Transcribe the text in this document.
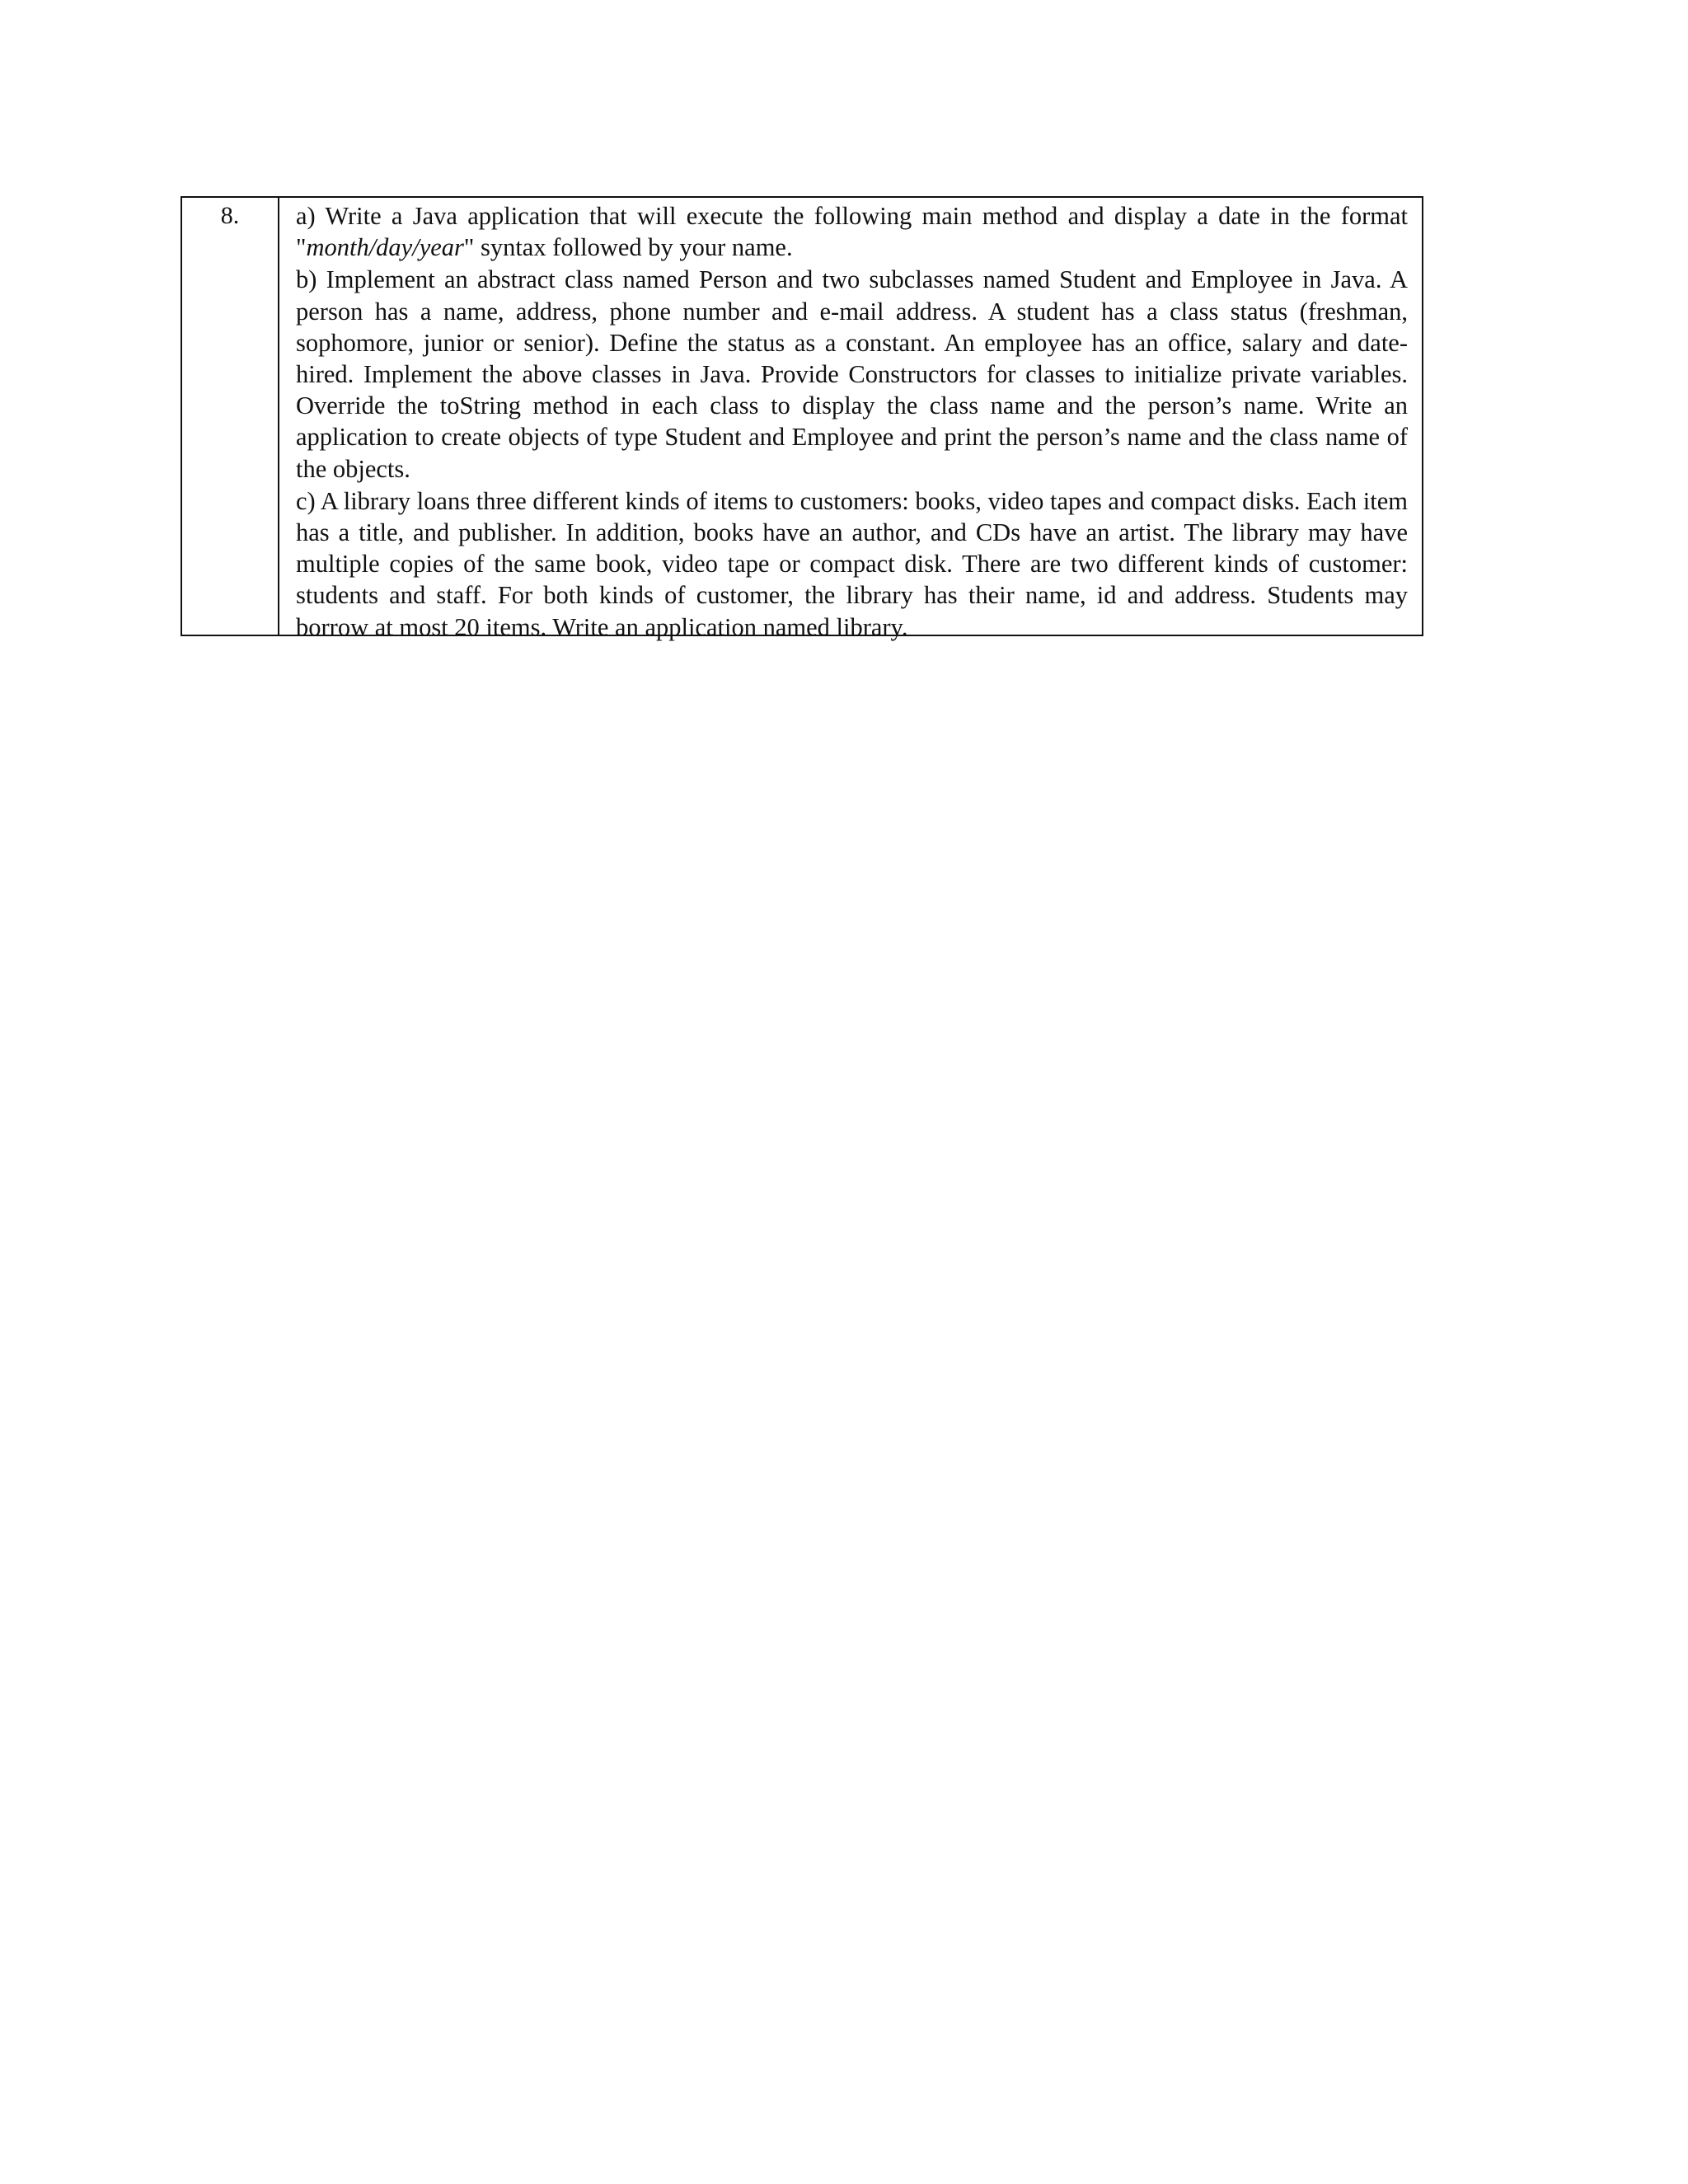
8.	a) Write a Java application that will execute the following main method and display a date in the format "month/day/year" syntax followed by your name.

b) Implement an abstract class named Person and two subclasses named Student and Employee in Java. A person has a name, address, phone number and e-mail address. A student has a class status (freshman, sophomore, junior or senior). Define the status as a constant. An employee has an office, salary and date-hired. Implement the above classes in Java. Provide Constructors for classes to initialize private variables. Override the toString method in each class to display the class name and the person’s name. Write an application to create objects of type Student and Employee and print the person’s name and the class name of the objects.

c) A library loans three different kinds of items to customers: books, video tapes and compact disks. Each item has a title, and publisher. In addition, books have an author, and CDs have an artist. The library may have multiple copies of the same book, video tape or compact disk. There are two different kinds of customer: students and staff. For both kinds of customer, the library has their name, id and address. Students may borrow at most 20 items. Write an application named library.
